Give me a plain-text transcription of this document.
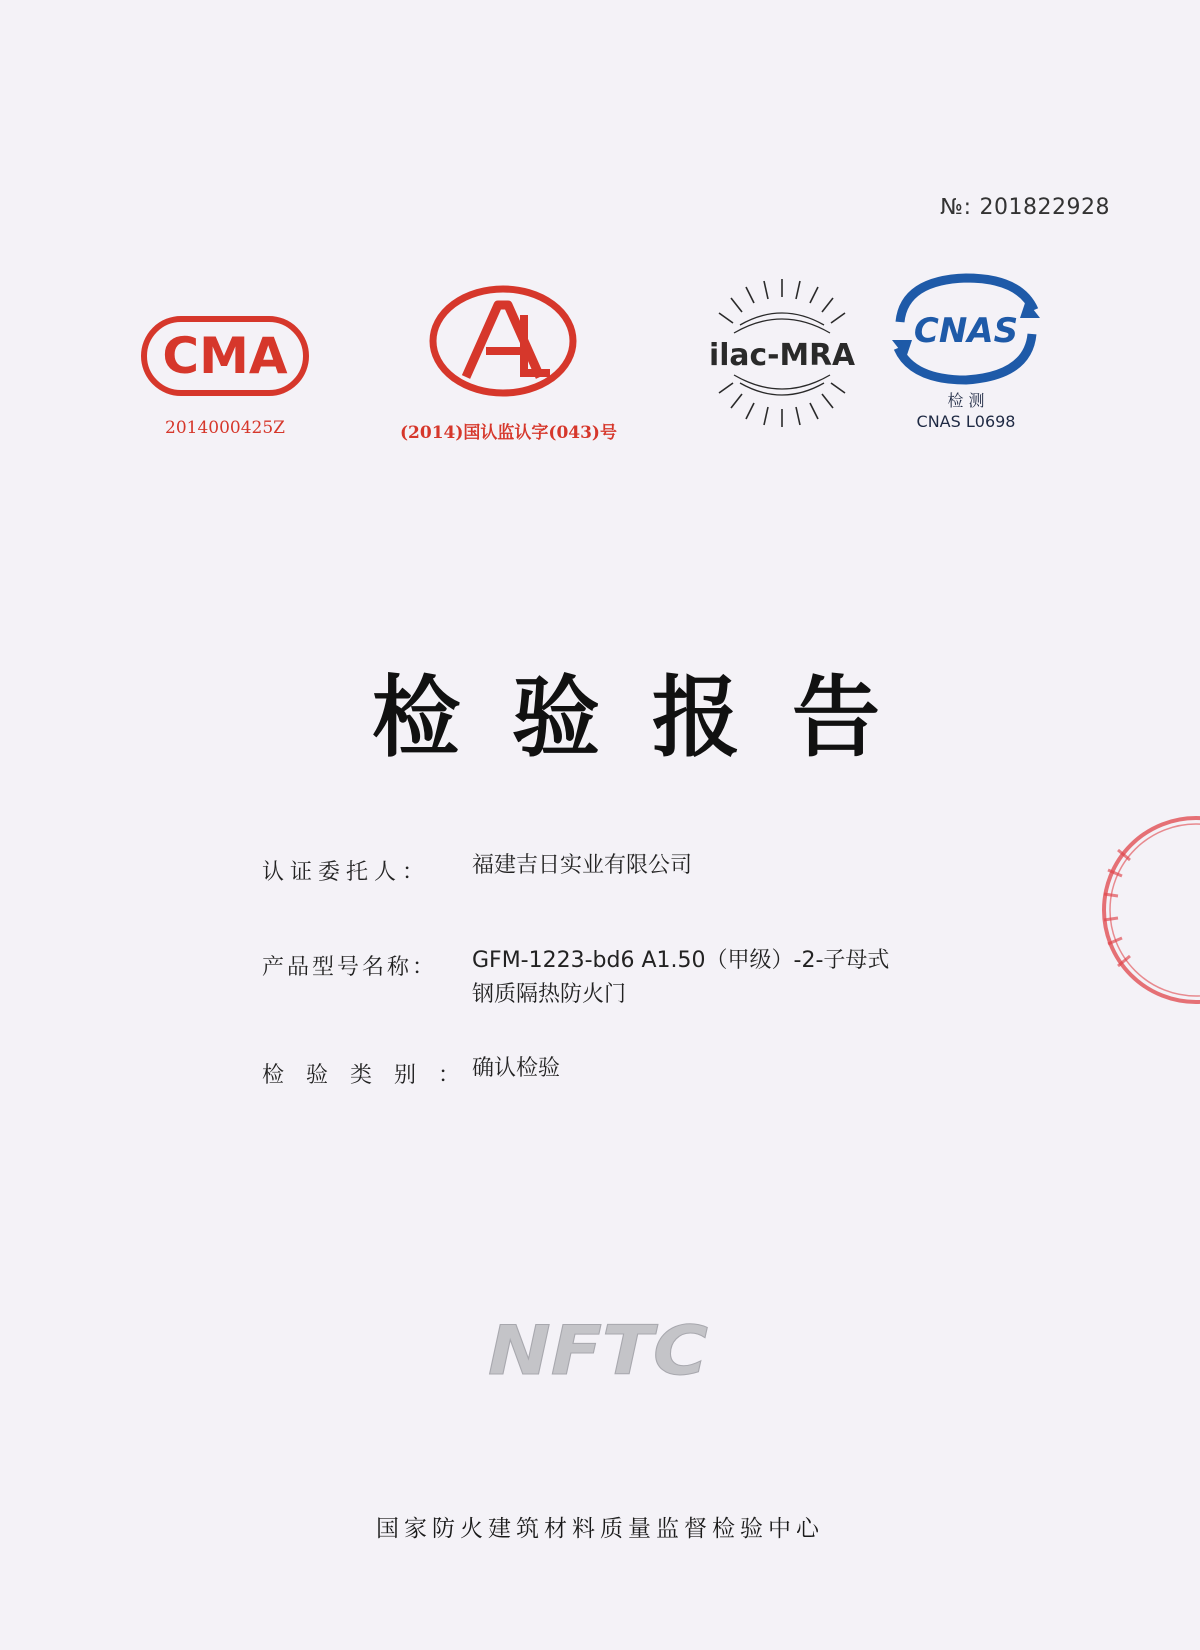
№: 201822928
CMA
2014000425Z
CAL
(2014)国认监认字(043)号
ilac-MRA
CNAS
检 测
CNAS L0698
检验报告
认证委托人：	福建吉日实业有限公司
产品型号名称：	GFM-1223-bd6 A1.50（甲级）-2-子母式
钢质隔热防火门
检验类别：
确认检验
NFTC
国家防火建筑材料质量监督检验中心
